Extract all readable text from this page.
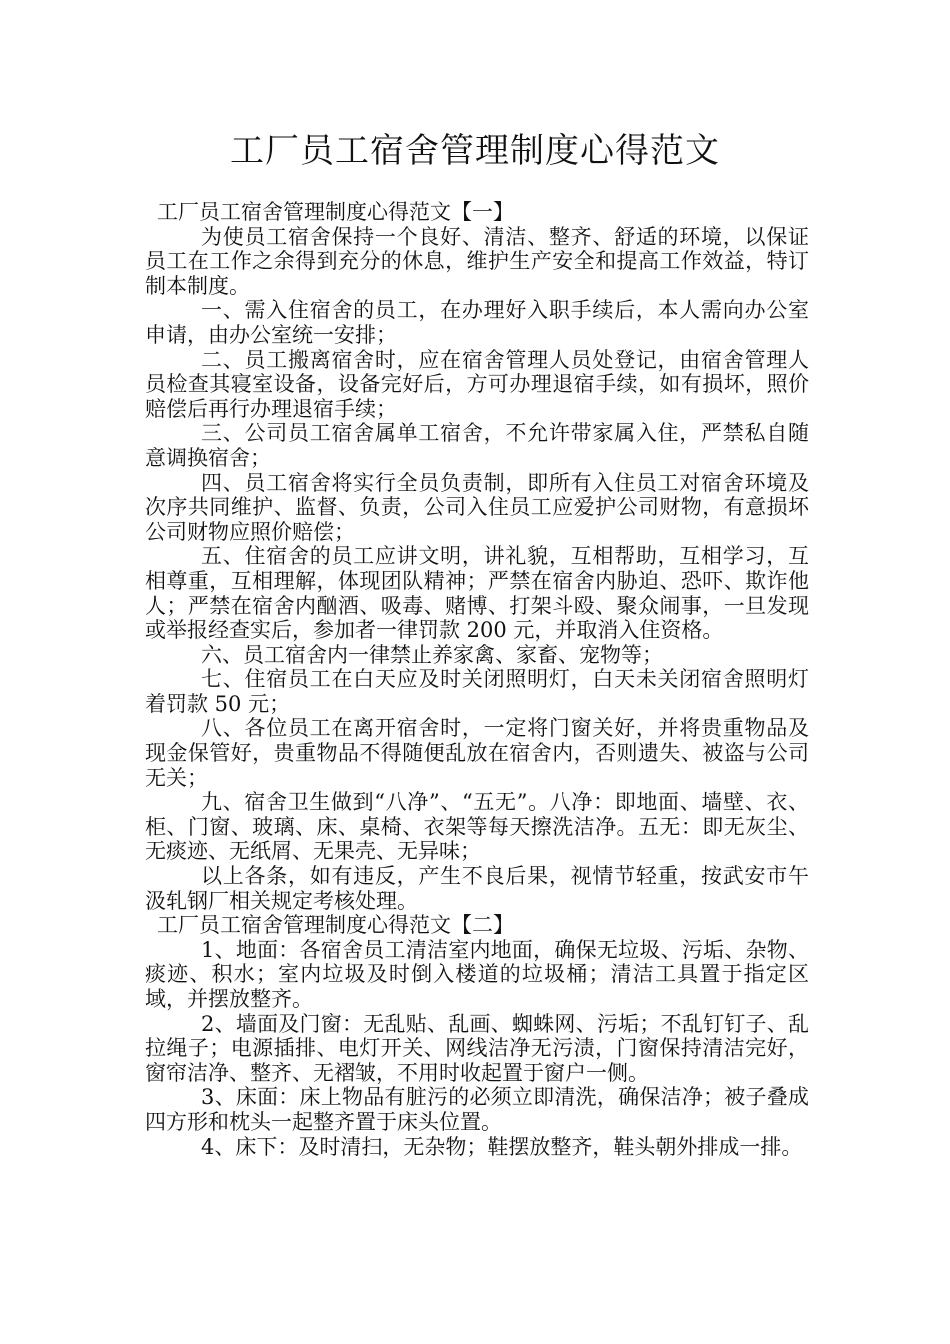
工厂员工宿舍管理制度心得范文
工厂员工宿舍管理制度心得范文【一】

为使员工宿舍保持一个良好、清洁、整齐、舒适的环境，以保证员工在工作之余得到充分的休息，维护生产安全和提高工作效益，特订制本制度。

一、需入住宿舍的员工，在办理好入职手续后，本人需向办公室申请，由办公室统一安排；

二、员工搬离宿舍时，应在宿舍管理人员处登记，由宿舍管理人员检查其寝室设备，设备完好后，方可办理退宿手续，如有损坏，照价赔偿后再行办理退宿手续；

三、公司员工宿舍属单工宿舍，不允许带家属入住，严禁私自随意调换宿舍；

四、员工宿舍将实行全员负责制，即所有入住员工对宿舍环境及次序共同维护、监督、负责，公司入住员工应爱护公司财物，有意损坏公司财物应照价赔偿；

五、住宿舍的员工应讲文明，讲礼貌，互相帮助，互相学习，互相尊重，互相理解，体现团队精神；严禁在宿舍内胁迫、恐吓、欺诈他人；严禁在宿舍内酗酒、吸毒、赌博、打架斗殴、聚众闹事，一旦发现或举报经查实后，参加者一律罚款 200 元，并取消入住资格。

六、员工宿舍内一律禁止养家禽、家畜、宠物等；

七、住宿员工在白天应及时关闭照明灯，白天未关闭宿舍照明灯着罚款 50 元；

八、各位员工在离开宿舍时，一定将门窗关好，并将贵重物品及现金保管好，贵重物品不得随便乱放在宿舍内，否则遗失、被盗与公司无关；

九、宿舍卫生做到“八净”、“五无”。八净：即地面、墙壁、衣、柜、门窗、玻璃、床、桌椅、衣架等每天擦洗洁净。五无：即无灰尘、无痰迹、无纸屑、无果壳、无异味；

以上各条，如有违反，产生不良后果，视情节轻重，按武安市午汲轧钢厂相关规定考核处理。

工厂员工宿舍管理制度心得范文【二】

1、地面：各宿舍员工清洁室内地面，确保无垃圾、污垢、杂物、痰迹、积水；室内垃圾及时倒入楼道的垃圾桶；清洁工具置于指定区域，并摆放整齐。

2、墙面及门窗：无乱贴、乱画、蜘蛛网、污垢；不乱钉钉子、乱拉绳子；电源插排、电灯开关、网线洁净无污渍，门窗保持清洁完好，窗帘洁净、整齐、无褶皱，不用时收起置于窗户一侧。

3、床面：床上物品有脏污的必须立即清洗，确保洁净；被子叠成四方形和枕头一起整齐置于床头位置。

4、床下：及时清扫，无杂物；鞋摆放整齐，鞋头朝外排成一排。
